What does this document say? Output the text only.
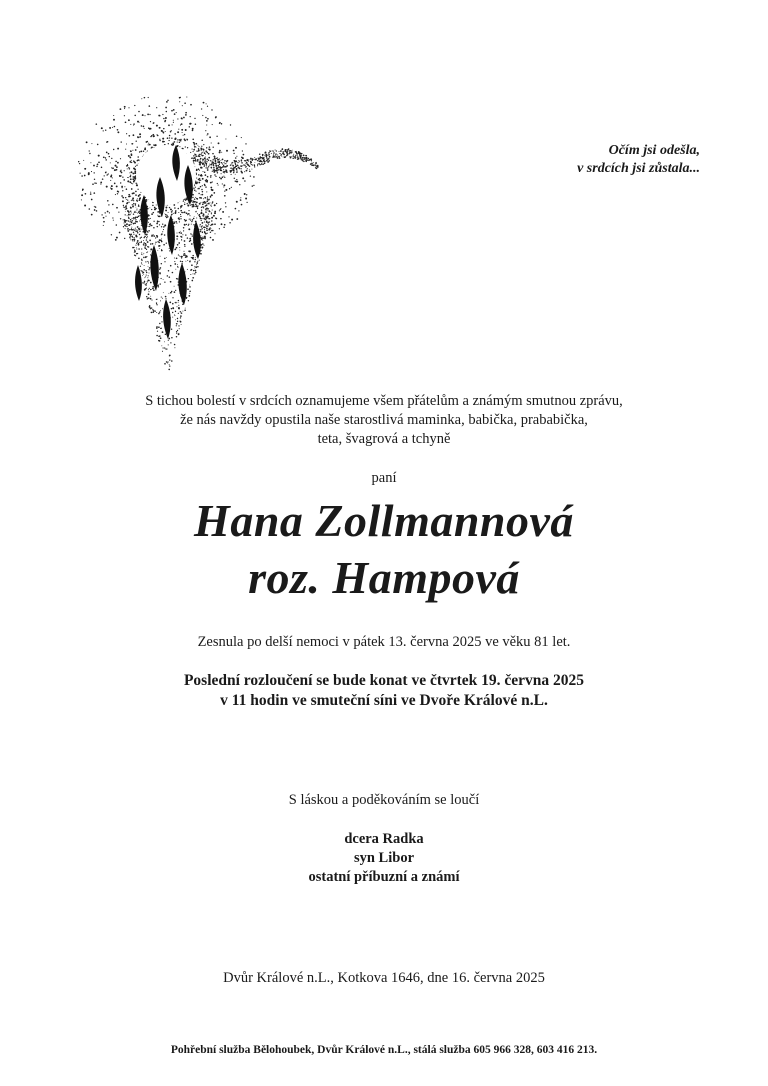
Očím jsi odešla,
v srdcích jsi zůstala...
S tichou bolestí v srdcích oznamujeme všem přátelům a známým smutnou zprávu,
že nás navždy opustila naše starostlivá maminka, babička, prababička,
teta, švagrová a tchyně
paní
Hana Zollmannová
roz. Hampová
Zesnula po delší nemoci v pátek 13. června 2025 ve věku 81 let.
Poslední rozloučení se bude konat ve čtvrtek 19. června 2025
v 11 hodin ve smuteční síni ve Dvoře Králové n.L.
S láskou a poděkováním se loučí
dcera Radka
syn Libor
ostatní příbuzní a známí
Dvůr Králové n.L., Kotkova 1646, dne 16. června 2025
Pohřební služba Bělohoubek, Dvůr Králové n.L., stálá služba 605 966 328, 603 416 213.
